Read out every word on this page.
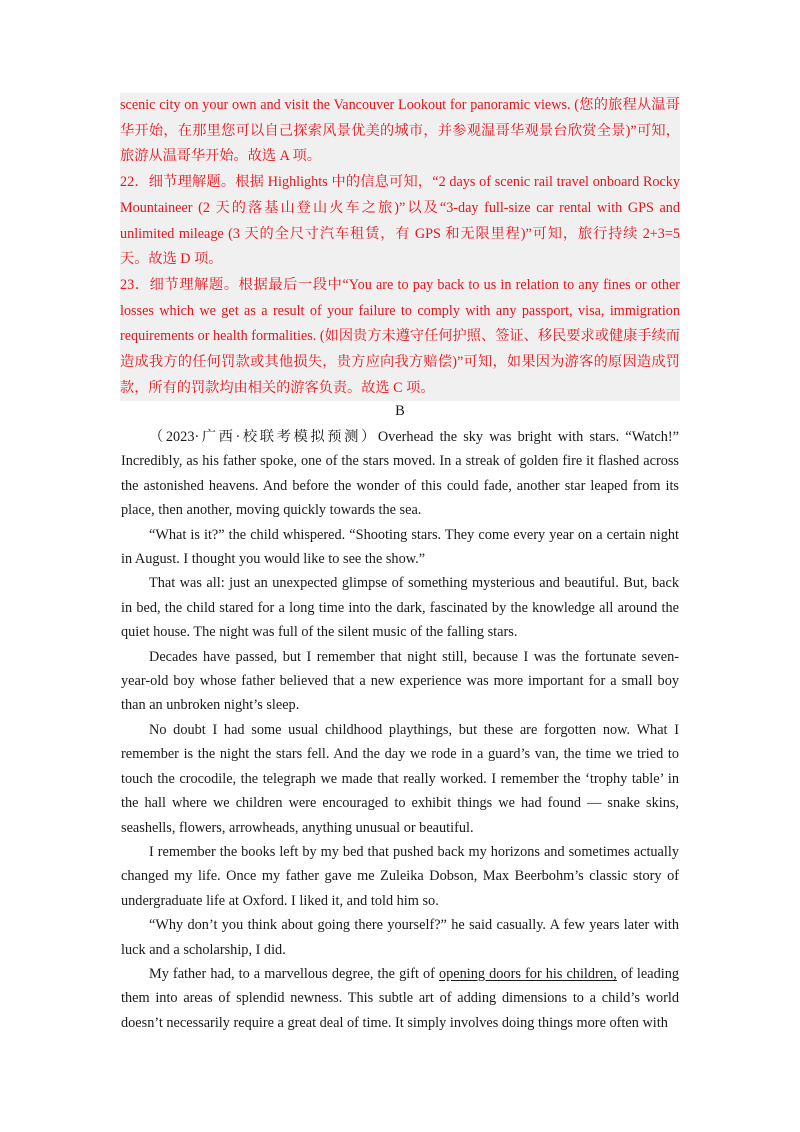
scenic city on your own and visit the Vancouver Lookout for panoramic views. (您的旅程从温哥华开始，在那里您可以自己探索风景优美的城市，并参观温哥华观景台欣赏全景)”可知，旅游从温哥华开始。故选 A 项。

22．细节理解题。根据 Highlights 中的信息可知，“2 days of scenic rail travel onboard Rocky Mountaineer (2 天的落基山登山火车之旅)”以及“3-day full-size car rental with GPS and unlimited mileage (3 天的全尺寸汽车租赁，有 GPS 和无限里程)”可知，旅行持续 2+3=5 天。故选 D 项。

23．细节理解题。根据最后一段中“You are to pay back to us in relation to any fines or other losses which we get as a result of your failure to comply with any passport, visa, immigration requirements or health formalities. (如因贵方未遵守任何护照、签证、移民要求或健康手续而造成我方的任何罚款或其他损失，贵方应向我方赔偿)”可知，如果因为游客的原因造成罚款，所有的罚款均由相关的游客负责。故选 C 项。

B

（2023·广西·校联考模拟预测）Overhead the sky was bright with stars. “Watch!” Incredibly, as his father spoke, one of the stars moved. In a streak of golden fire it flashed across the astonished heavens. And before the wonder of this could fade, another star leaped from its place, then another, moving quickly towards the sea.

“What is it?” the child whispered. “Shooting stars. They come every year on a certain night in August. I thought you would like to see the show.”

That was all: just an unexpected glimpse of something mysterious and beautiful. But, back in bed, the child stared for a long time into the dark, fascinated by the knowledge all around the quiet house. The night was full of the silent music of the falling stars.

Decades have passed, but I remember that night still, because I was the fortunate seven-year-old boy whose father believed that a new experience was more important for a small boy than an unbroken night’s sleep.

No doubt I had some usual childhood playthings, but these are forgotten now. What I remember is the night the stars fell. And the day we rode in a guard’s van, the time we tried to touch the crocodile, the telegraph we made that really worked. I remember the ‘trophy table’ in the hall where we children were encouraged to exhibit things we had found — snake skins, seashells, flowers, arrowheads, anything unusual or beautiful.

I remember the books left by my bed that pushed back my horizons and sometimes actually changed my life. Once my father gave me Zuleika Dobson, Max Beerbohm’s classic story of undergraduate life at Oxford. I liked it, and told him so.

“Why don’t you think about going there yourself?” he said casually. A few years later with luck and a scholarship, I did.

My father had, to a marvellous degree, the gift of opening doors for his children, of leading them into areas of splendid newness. This subtle art of adding dimensions to a child’s world doesn’t necessarily require a great deal of time. It simply involves doing things more often with
